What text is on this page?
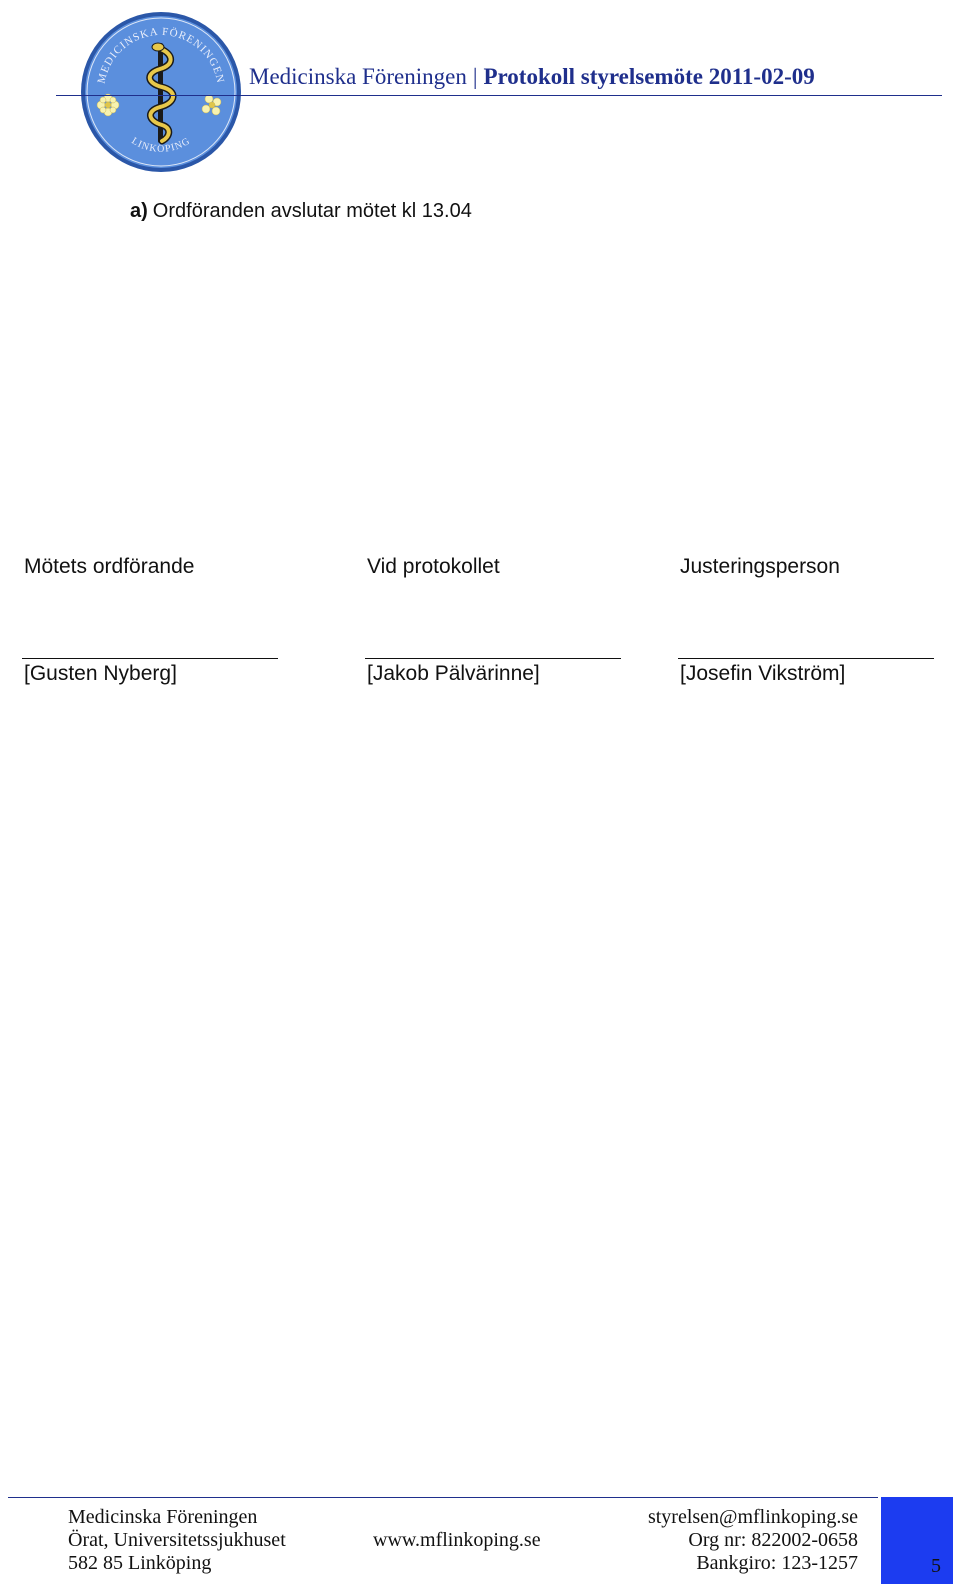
MEDICINSKA FÖRENINGEN
LINKÖPING
Medicinska Föreningen | Protokoll styrelsemöte 2011-02-09
a) Ordföranden avslutar mötet kl 13.04
Mötets ordförande
[Gusten Nyberg]
Vid protokollet
[Jakob Pälvärinne]
Justeringsperson
[Josefin Vikström]
Medicinska Föreningen
Örat, Universitetssjukhuset
582 85 Linköping
www.mflinkoping.se
styrelsen@mflinkoping.se
Org nr: 822002-0658
Bankgiro: 123-1257	5
